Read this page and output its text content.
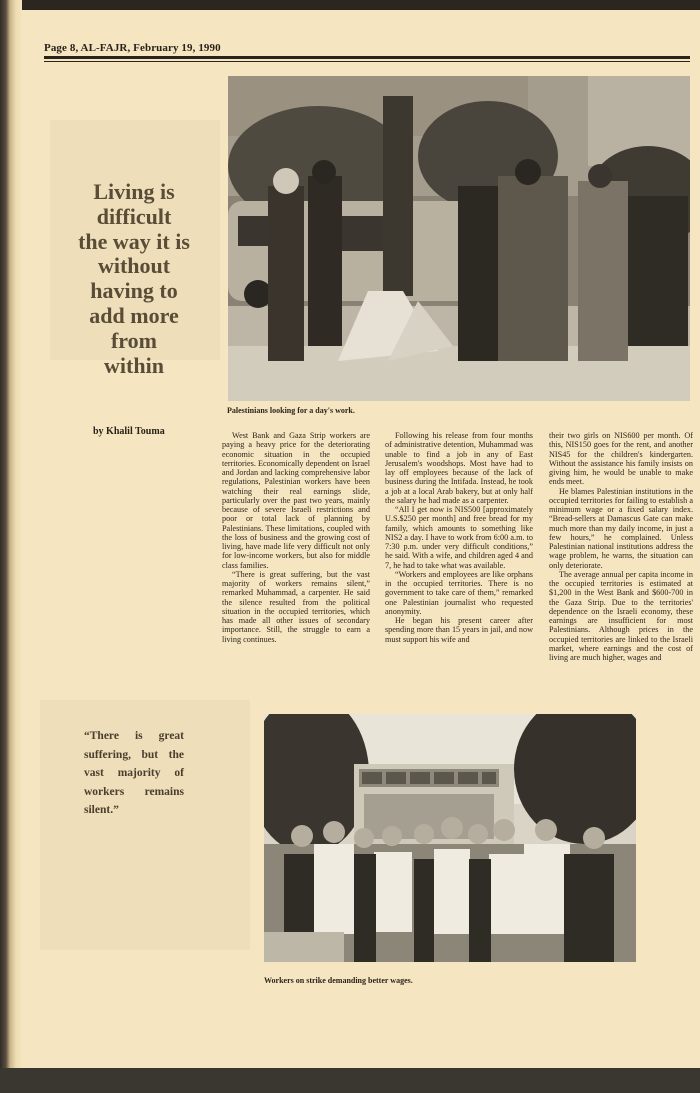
Page 8, AL-FAJR, February 19, 1990
Living is
difficult
the way it is
without
having to
add more
from
within
by Khalil Touma
Palestinians looking for a day's work.

West Bank and Gaza Strip workers are paying a heavy price for the deteriorating economic situation in the occupied territories. Economically dependent on Israel and Jordan and lacking comprehensive labor regulations, Palestinian workers have been watching their real earnings slide, particularly over the past two years, mainly because of severe Israeli restrictions and poor or total lack of planning by Palestinians. These limitations, coupled with the loss of business and the growing cost of living, have made life very difficult not only for low-income workers, but also for middle class families.

“There is great suffering, but the vast majority of workers remains silent,” remarked Muhammad, a carpenter. He said the silence resulted from the political situation in the occupied territories, which has made all other issues of secondary importance. Still, the struggle to earn a living continues.

Following his release from four months of administrative detention, Muhammad was unable to find a job in any of East Jerusalem's woodshops. Most have had to lay off employees because of the lack of business during the Intifada. Instead, he took a job at a local Arab bakery, but at only half the salary he had made as a carpenter.

“All I get now is NIS500 [approximately U.S.$250 per month] and free bread for my family, which amounts to something like NIS2 a day. I have to work from 6:00 a.m. to 7:30 p.m. under very difficult conditions,” he said. With a wife, and children aged 4 and 7, he had to take what was available.

“Workers and employees are like orphans in the occupied territories. There is no government to take care of them,” remarked one Palestinian journalist who requested anonymity.

He began his present career after spending more than 15 years in jail, and now must support his wife and

their two girls on NIS600 per month. Of this, NIS150 goes for the rent, and another NIS45 for the children's kindergarten. Without the assistance his family insists on giving him, he would be unable to make ends meet.

He blames Palestinian institutions in the occupied territories for failing to establish a minimum wage or a fixed salary index. “Bread-sellers at Damascus Gate can make much more than my daily income, in just a few hours,” he complained. Unless Palestinian national institutions address the wage problem, he warns, the situation can only deteriorate.

The average annual per capita income in the occupied territories is estimated at $1,200 in the West Bank and $600-700 in the Gaza Strip. Due to the territories' dependence on the Israeli economy, these earnings are insufficient for most Palestinians. Although prices in the occupied territories are linked to the Israeli market, where earnings and the cost of living are much higher, wages and

“There is great suffering, but the vast majority of workers remains silent.”
Workers on strike demanding better wages.
